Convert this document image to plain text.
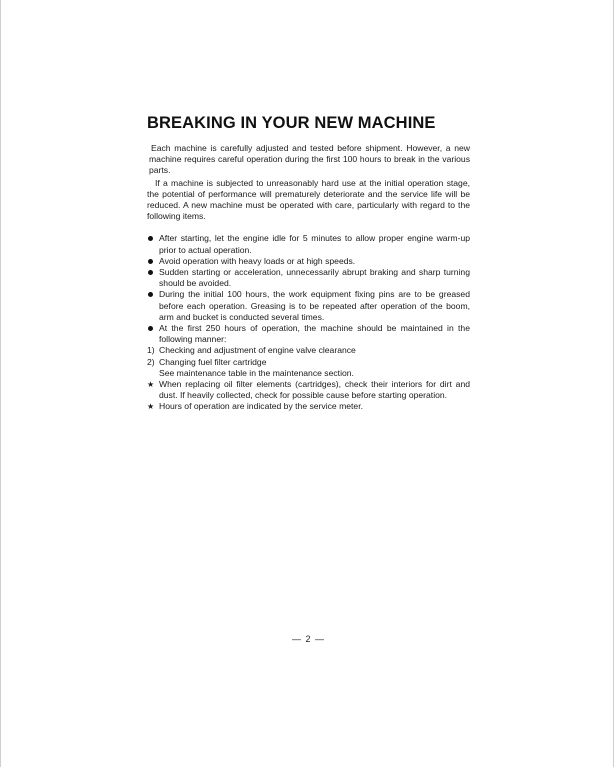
BREAKING IN YOUR NEW MACHINE

Each machine is carefully adjusted and tested before shipment. However, a new machine requires careful operation during the first 100 hours to break in the various parts.

If a machine is subjected to unreasonably hard use at the initial operation stage, the potential of performance will prematurely deteriorate and the service life will be reduced. A new machine must be operated with care, particularly with regard to the following items.

After starting, let the engine idle for 5 minutes to allow proper engine warm-up prior to actual operation.
Avoid operation with heavy loads or at high speeds.
Sudden starting or acceleration, unnecessarily abrupt braking and sharp turning should be avoided.
During the initial 100 hours, the work equipment fixing pins are to be greased before each operation. Greasing is to be repeated after operation of the boom, arm and bucket is conducted several times.
At the first 250 hours of operation, the machine should be maintained in the following manner:
1) Checking and adjustment of engine valve clearance
2) Changing fuel filter cartridge
See maintenance table in the maintenance section.
★ When replacing oil filter elements (cartridges), check their interiors for dirt and dust. If heavily collected, check for possible cause before starting operation.
★ Hours of operation are indicated by the service meter.
— 2 —
